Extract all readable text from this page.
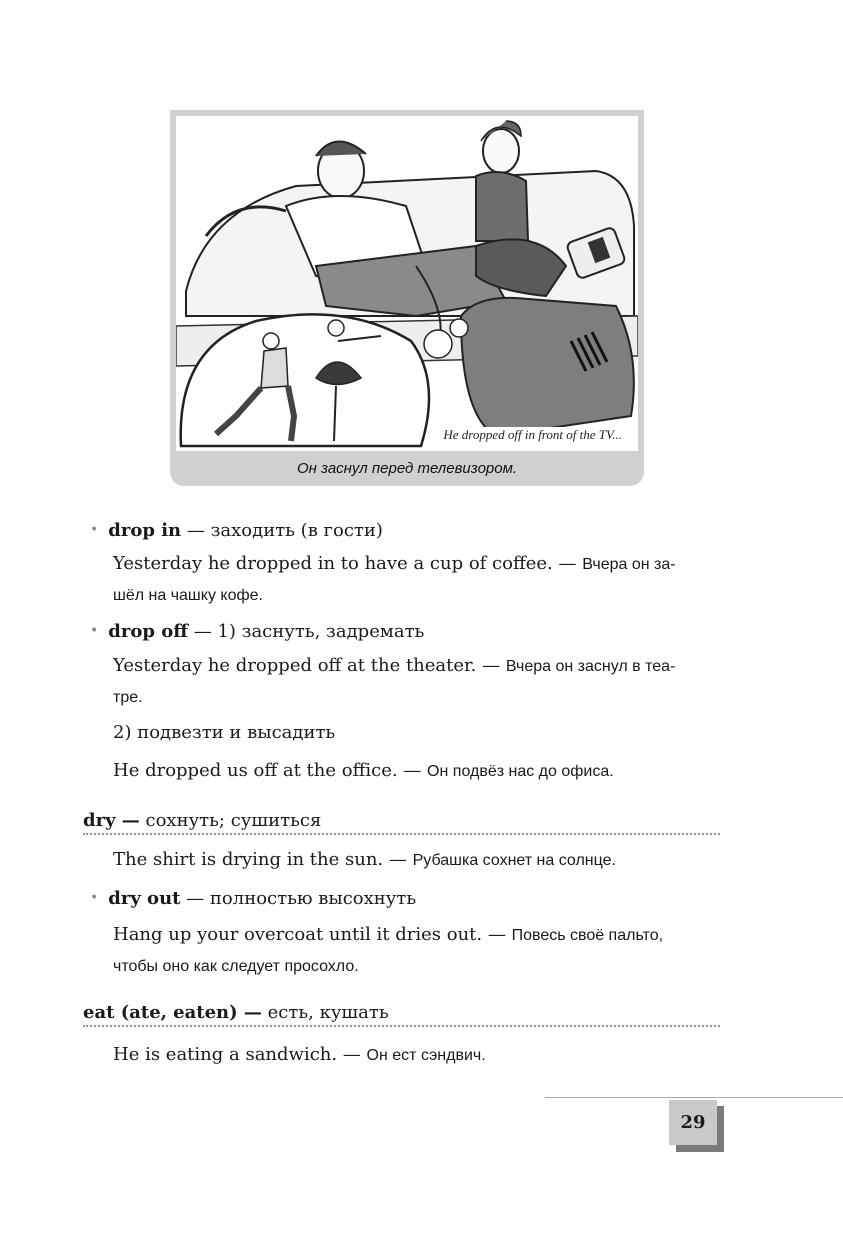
He dropped off in front of the TV...
Он заснул перед телевизором.
• drop in — заходить (в гости)
Yesterday he dropped in to have a cup of coffee. — Вчера он за-
шёл на чашку кофе.
• drop off — 1) заснуть, задремать
Yesterday he dropped off at the theater. — Вчера он заснул в теа-
тре.
2) подвезти и высадить
He dropped us off at the office. — Он подвёз нас до офиса.
dry — сохнуть; сушиться
The shirt is drying in the sun. — Рубашка сохнет на солнце.
• dry out — полностью высохнуть
Hang up your overcoat until it dries out. — Повесь своё пальто,
чтобы оно как следует просохло.
eat (ate, eaten) — есть, кушать
He is eating a sandwich. — Он ест сэндвич.
29
